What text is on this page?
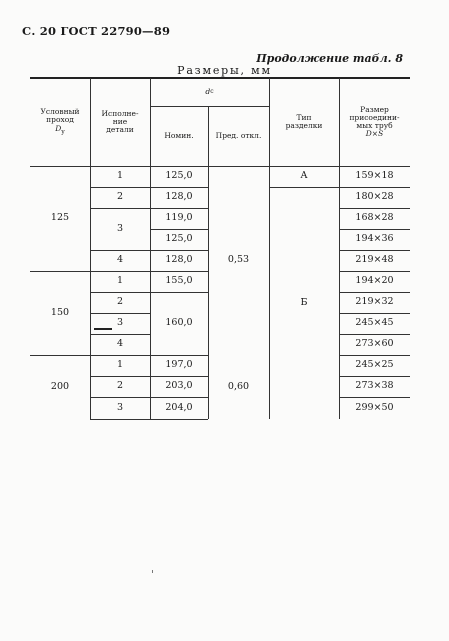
С. 20 ГОСТ 22790—89
Продолжение табл. 8
Размеры, мм
Условный
проход
$D_у$
Исполне-
ние
детали
d с
Номин.	Пред. откл.
Тип
разделки
Размер
присоедини-
мых труб
D×S
125
150
200
0,53
0,60
А
Б
1
2
3
4
1
2
3
4
1
2
3
125,0
128,0
119,0
125,0
128,0
155,0
160,0
197,0
203,0
204,0
159×18
180×28
168×28
194×36
219×48
194×20
219×32
245×45
273×60
245×25
273×38
299×50
